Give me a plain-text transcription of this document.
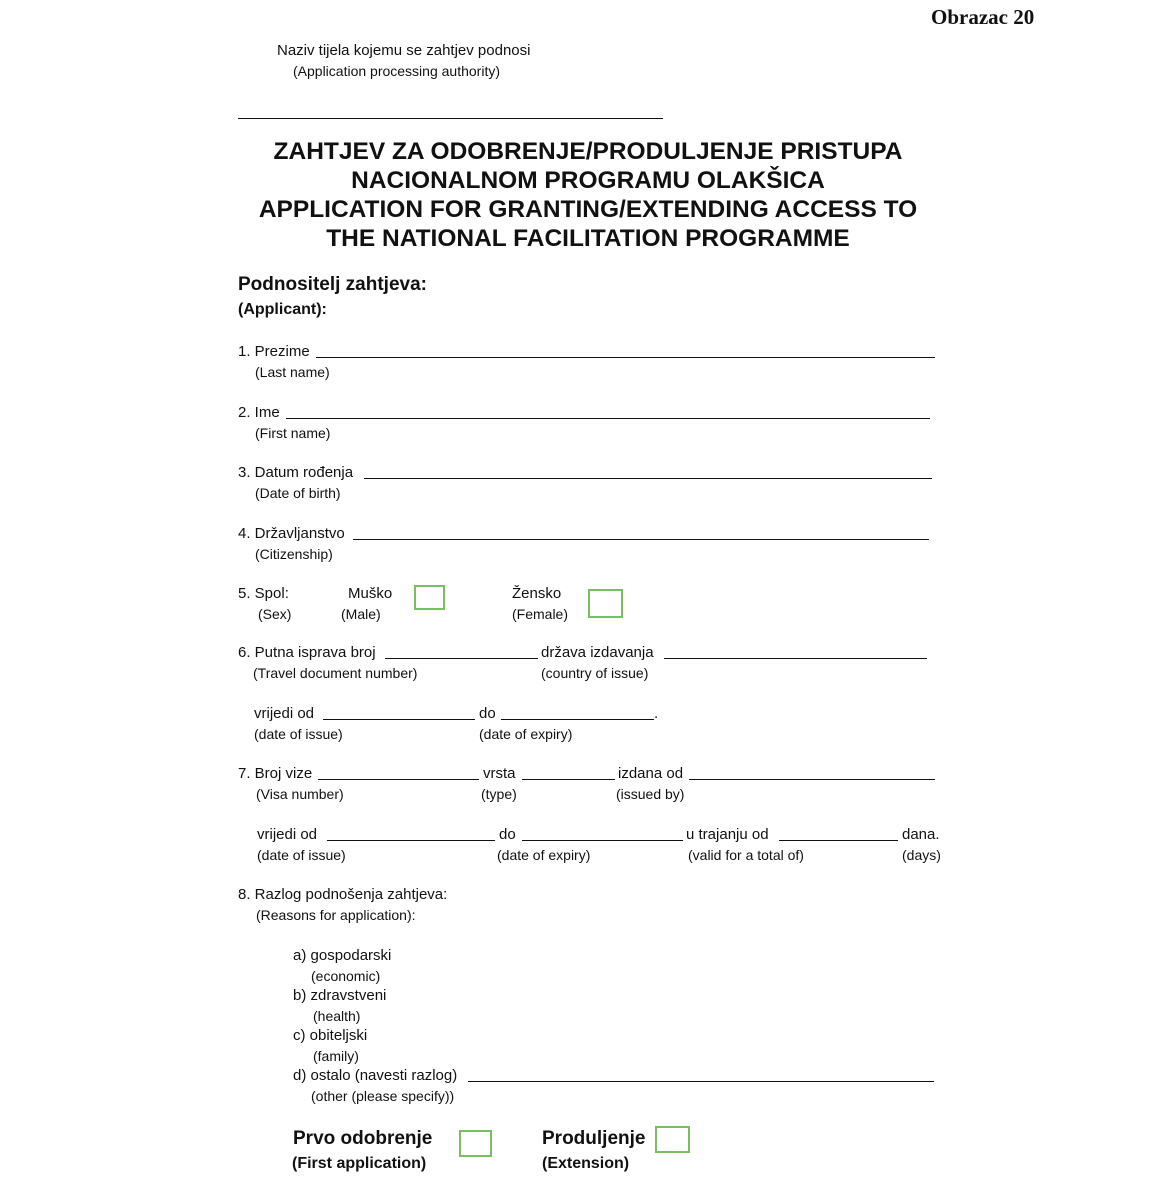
Obrazac 20
Naziv tijela kojemu se zahtjev podnosi
(Application processing authority)
ZAHTJEV ZA ODOBRENJE/PRODULJENJE PRISTUPA
NACIONALNOM PROGRAMU OLAKŠICA
APPLICATION FOR GRANTING/EXTENDING ACCESS TO
THE NATIONAL FACILITATION PROGRAMME
Podnositelj zahtjeva:
(Applicant):
1. Prezime
(Last name)
2. Ime
(First name)
3. Datum rođenja
(Date of birth)
4. Državljanstvo
(Citizenship)
5. Spol:
(Sex)
Muško
(Male)
Žensko
(Female)
6. Putna isprava broj	država izdavanja
(Travel document number)	(country of issue)
vrijedi od	do	.
(date of issue)	(date of expiry)
7. Broj vize	vrsta	izdana od
(Visa number)	(type)	(issued by)
vrijedi od	do	u trajanju od	dana.
(date of issue)	(date of expiry)	(valid for a total of)	(days)
8. Razlog podnošenja zahtjeva:
(Reasons for application):
a) gospodarski
(economic)
b) zdravstveni
(health)
c) obiteljski
(family)
d) ostalo (navesti razlog)
(other (please specify))
Prvo odobrenje
(First application)
Produljenje
(Extension)
